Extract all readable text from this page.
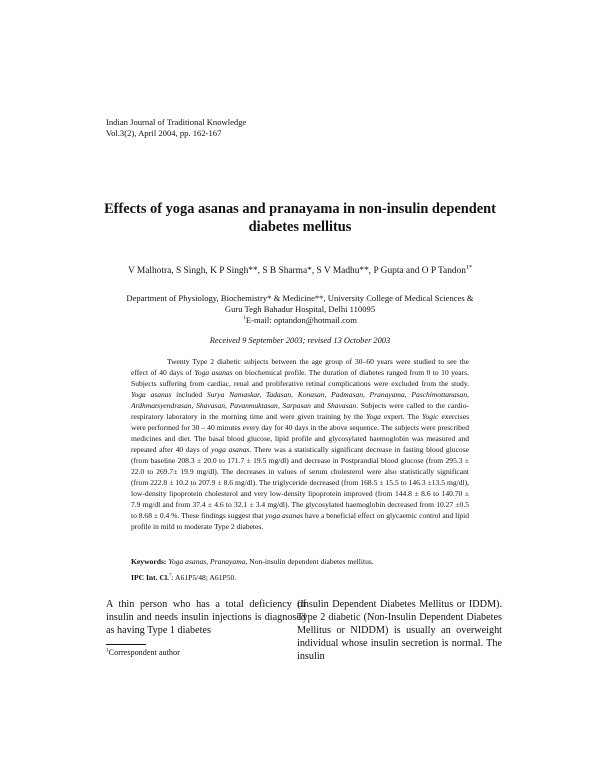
Indian Journal of Traditional Knowledge
Vol.3(2), April 2004, pp. 162-167
Effects of yoga asanas and pranayama in non-insulin dependent diabetes mellitus
V Malhotra, S Singh, K P Singh**, S B Sharma*, S V Madhu**, P Gupta and O P Tandon$^{1*}$
Department of Physiology, Biochemistry* & Medicine**, University College of Medical Sciences & Guru Tegh Bahadur Hospital, Delhi 110095
$^1$E-mail: optandon@hotmail.com
Received 9 September 2003; revised 13 October 2003

Twenty Type 2 diabetic subjects between the age group of 30–60 years were studied to see the effect of 40 days of Yoga asanas on biochemical profile. The duration of diabetes ranged from 0 to 10 years. Subjects suffering from cardiac, renal and proliferative retinal complications were excluded from the study. Yoga asanas included Surya Namaskar, Tadasan, Konasan, Padmasan, Pranayama, Paschimottanasan, Ardhmatsyendrasan, Shavasan, Pavanmuktasan, Sarpasan and Shavasan. Subjects were called to the cardio-respiratory laboratory in the morning time and were given training by the Yoga expert. The Yogic exercises were performed for 30 – 40 minutes every day for 40 days in the above sequence. The subjects were prescribed medicines and diet. The basal blood glucose, lipid profile and glycosylated haemoglobin was measured and repeated after 40 days of yoga asanas. There was a statistically significant decrease in fasting blood glucose (from baseline 208.3 ± 20.0 to 171.7 ± 19.5 mg/dl) and decrease in Postprandial blood glucose (from 295.3 ± 22.0 to 269.7± 19.9 mg/dl). The decreases in values of serum cholesterol were also statistically significant (from 222.8 ± 10.2 to 207.9 ± 8.6 mg/dl). The triglyceride decreased (from 168.5 ± 15.5 to 146.3 ±13.5 mg/dl), low-density lipoprotein cholesterol and very low-density lipoprotein improved (from 144.8 ± 8.6 to 140.70 ± 7.9 mg/dl and from 37.4 ± 4.6 to 32.1 ± 3.4 mg/dl). The glycosylated haemoglobin decreased from 10.27 ±0.5 to 8.68 ± 0.4 %. These findings suggest that yoga asanas have a beneficial effect on glycaemic control and lipid profile in mild to moderate Type 2 diabetes.

Keywords: Yoga asanas, Pranayama, Non-insulin dependent diabetes mellitus.
IPC Int. Cl.$^7$: A61P5/48; A61P50.

A thin person who has a total deficiency of insulin and needs insulin injections is diagnosed as having Type 1 diabetes

(Insulin Dependent Diabetes Mellitus or IDDM). Type 2 diabetic (Non-Insulin Dependent Diabetes Mellitus or NIDDM) is usually an overweight individual whose insulin secretion is normal. The insulin

$^1$Correspondent author
